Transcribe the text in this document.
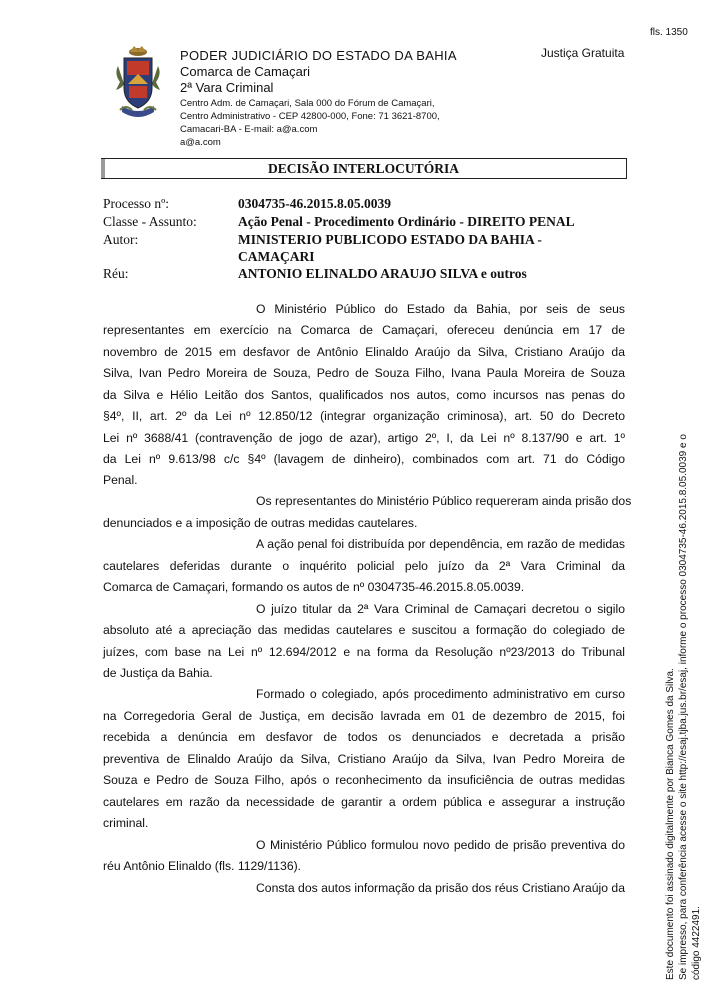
fls. 1350
PODER JUDICIÁRIO DO ESTADO DA BAHIA
Comarca de Camaçari
2ª Vara Criminal
Centro Adm. de Camaçari, Sala 000 do Fórum de Camaçari,
Centro Administrativo - CEP 42800-000, Fone: 71 3621-8700,
Camacari-BA - E-mail: a@a.com
a@a.com
Justiça Gratuita
DECISÃO INTERLOCUTÓRIA
Processo nº:	0304735-46.2015.8.05.0039
Classe - Assunto:	Ação Penal - Procedimento Ordinário - DIREITO PENAL
Autor:	MINISTERIO PUBLICODO ESTADO DA BAHIA -
CAMAÇARI
Réu:	ANTONIO ELINALDO ARAUJO SILVA e outros
O Ministério Público do Estado da Bahia, por seis de seus
representantes em exercício na Comarca de Camaçari, ofereceu denúncia em 17 de
novembro de 2015 em desfavor de Antônio Elinaldo Araújo da Silva, Cristiano Araújo da
Silva, Ivan Pedro Moreira de Souza, Pedro de Souza Filho, Ivana Paula Moreira de Souza
da Silva e Hélio Leitão dos Santos, qualificados nos autos, como incursos nas penas do
§4º, II, art. 2º da Lei nº 12.850/12 (integrar organização criminosa), art. 50 do Decreto
Lei nº 3688/41 (contravenção de jogo de azar), artigo 2º, I, da Lei nº 8.137/90 e art. 1º
da Lei nº 9.613/98 c/c §4º (lavagem de dinheiro), combinados com art. 71 do Código
Penal.
Os representantes do Ministério Público requereram ainda prisão dos
denunciados e a imposição de outras medidas cautelares.
A ação penal foi distribuída por dependência, em razão de medidas
cautelares deferidas durante o inquérito policial pelo juízo da 2ª Vara Criminal da
Comarca de Camaçari, formando os autos de nº 0304735-46.2015.8.05.0039.
O juízo titular da 2ª Vara Criminal de Camaçari decretou o sigilo
absoluto até a apreciação das medidas cautelares e suscitou a formação do colegiado de
juízes, com base na Lei nº 12.694/2012 e na forma da Resolução nº23/2013 do Tribunal
de Justiça da Bahia.
Formado o colegiado, após procedimento administrativo em curso
na Corregedoria Geral de Justiça, em decisão lavrada em 01 de dezembro de 2015, foi
recebida a denúncia em desfavor de todos os denunciados e decretada a prisão
preventiva de Elinaldo Araújo da Silva, Cristiano Araújo da Silva, Ivan Pedro Moreira de
Souza e Pedro de Souza Filho, após o reconhecimento da insuficiência de outras medidas
cautelares em razão da necessidade de garantir a ordem pública e assegurar a instrução
criminal.
O Ministério Público formulou novo pedido de prisão preventiva do
réu Antônio Elinaldo (fls. 1129/1136).
Consta dos autos informação da prisão dos réus Cristiano Araújo da	Este documento foi assinado digitalmente por Bianca Gomes da Silva. Se impresso, para conferência acesse o site http://esaj.tjba.jus.br/esaj, informe o processo 0304735-46.2015.8.05.0039 e o código 4422491.
